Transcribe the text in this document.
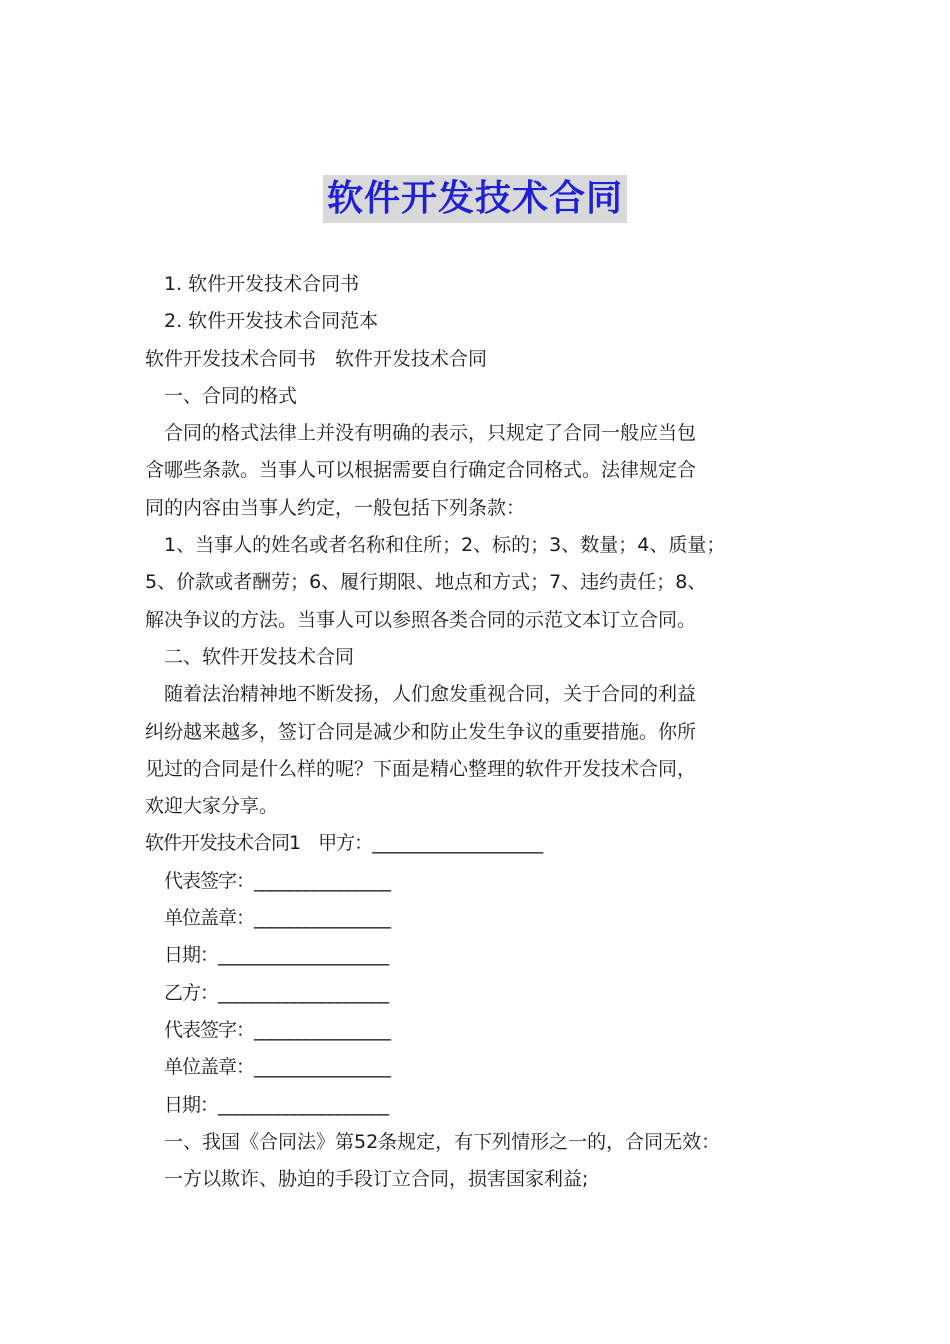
软件开发技术合同
1. 软件开发技术合同书
2. 软件开发技术合同范本
软件开发技术合同书　软件开发技术合同
一、合同的格式
合同的格式法律上并没有明确的表示，只规定了合同一般应当包
含哪些条款。当事人可以根据需要自行确定合同格式。法律规定合
同的内容由当事人约定，一般包括下列条款：
1、当事人的姓名或者名称和住所；2、标的；3、数量；4、质量；
5、价款或者酬劳；6、履行期限、地点和方式；7、违约责任；8、
解决争议的方法。当事人可以参照各类合同的示范文本订立合同。
二、软件开发技术合同
随着法治精神地不断发扬，人们愈发重视合同，关于合同的利益
纠纷越来越多，签订合同是减少和防止发生争议的重要措施。你所
见过的合同是什么样的呢？下面是精心整理的软件开发技术合同，
欢迎大家分享。
软件开发技术合同1　甲方：____________________
代表签字：________________
单位盖章：________________
日期：____________________
乙方：____________________
代表签字：________________
单位盖章：________________
日期：____________________
一、我国《合同法》第52条规定，有下列情形之一的，合同无效：
一方以欺诈、胁迫的手段订立合同，损害国家利益;
